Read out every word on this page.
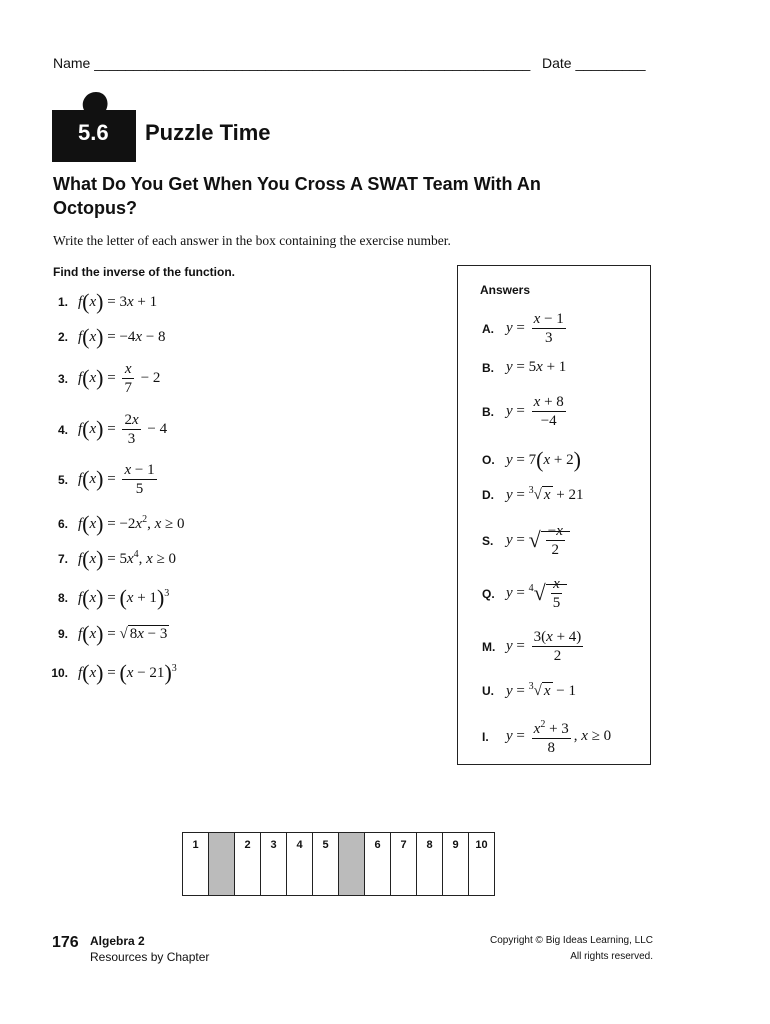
Name ________________________________________________________ Date _________
5.6 Puzzle Time
What Do You Get When You Cross A SWAT Team With An Octopus?
Write the letter of each answer in the box containing the exercise number.
Find the inverse of the function.
1. f(x) = 3x + 1
2. f(x) = −4x − 8
3. $f(x) = \frac{x}{7} - 2$
4. $f(x) = \frac{2x}{3} - 4$
5. $f(x) = \frac{x - 1}{5}$
6. $f(x) = -2x^2$, x ≥ 0
7. $f(x) = 5x^4$, x ≥ 0
8. $f(x) = (x + 1)^3$
9. f(x) = √ 8x − 3
10. $f(x) = (x - 21)^3$
Answers
A. $y = \frac{x - 1}{3}$
B. y = 5x + 1
B. $y = \frac{x + 8}{-4}$
O. y = 7(x + 2)
D. y = $^3$√ x + 21
S. y = √ $\frac{-x}{2}$
Q. $y = ^4√ \frac{x}{5}$
M. $y = \frac{3(x + 4)}{2}$
U. y = $^3$√ x − 1
I.	$y = \frac{x^2 + 3}{8}$ , x ≥ 0
1		2	3	4	5		6	7	8	9	10
176 Algebra 2
Resources by Chapter
Copyright © Big Ideas Learning, LLC
All rights reserved.
